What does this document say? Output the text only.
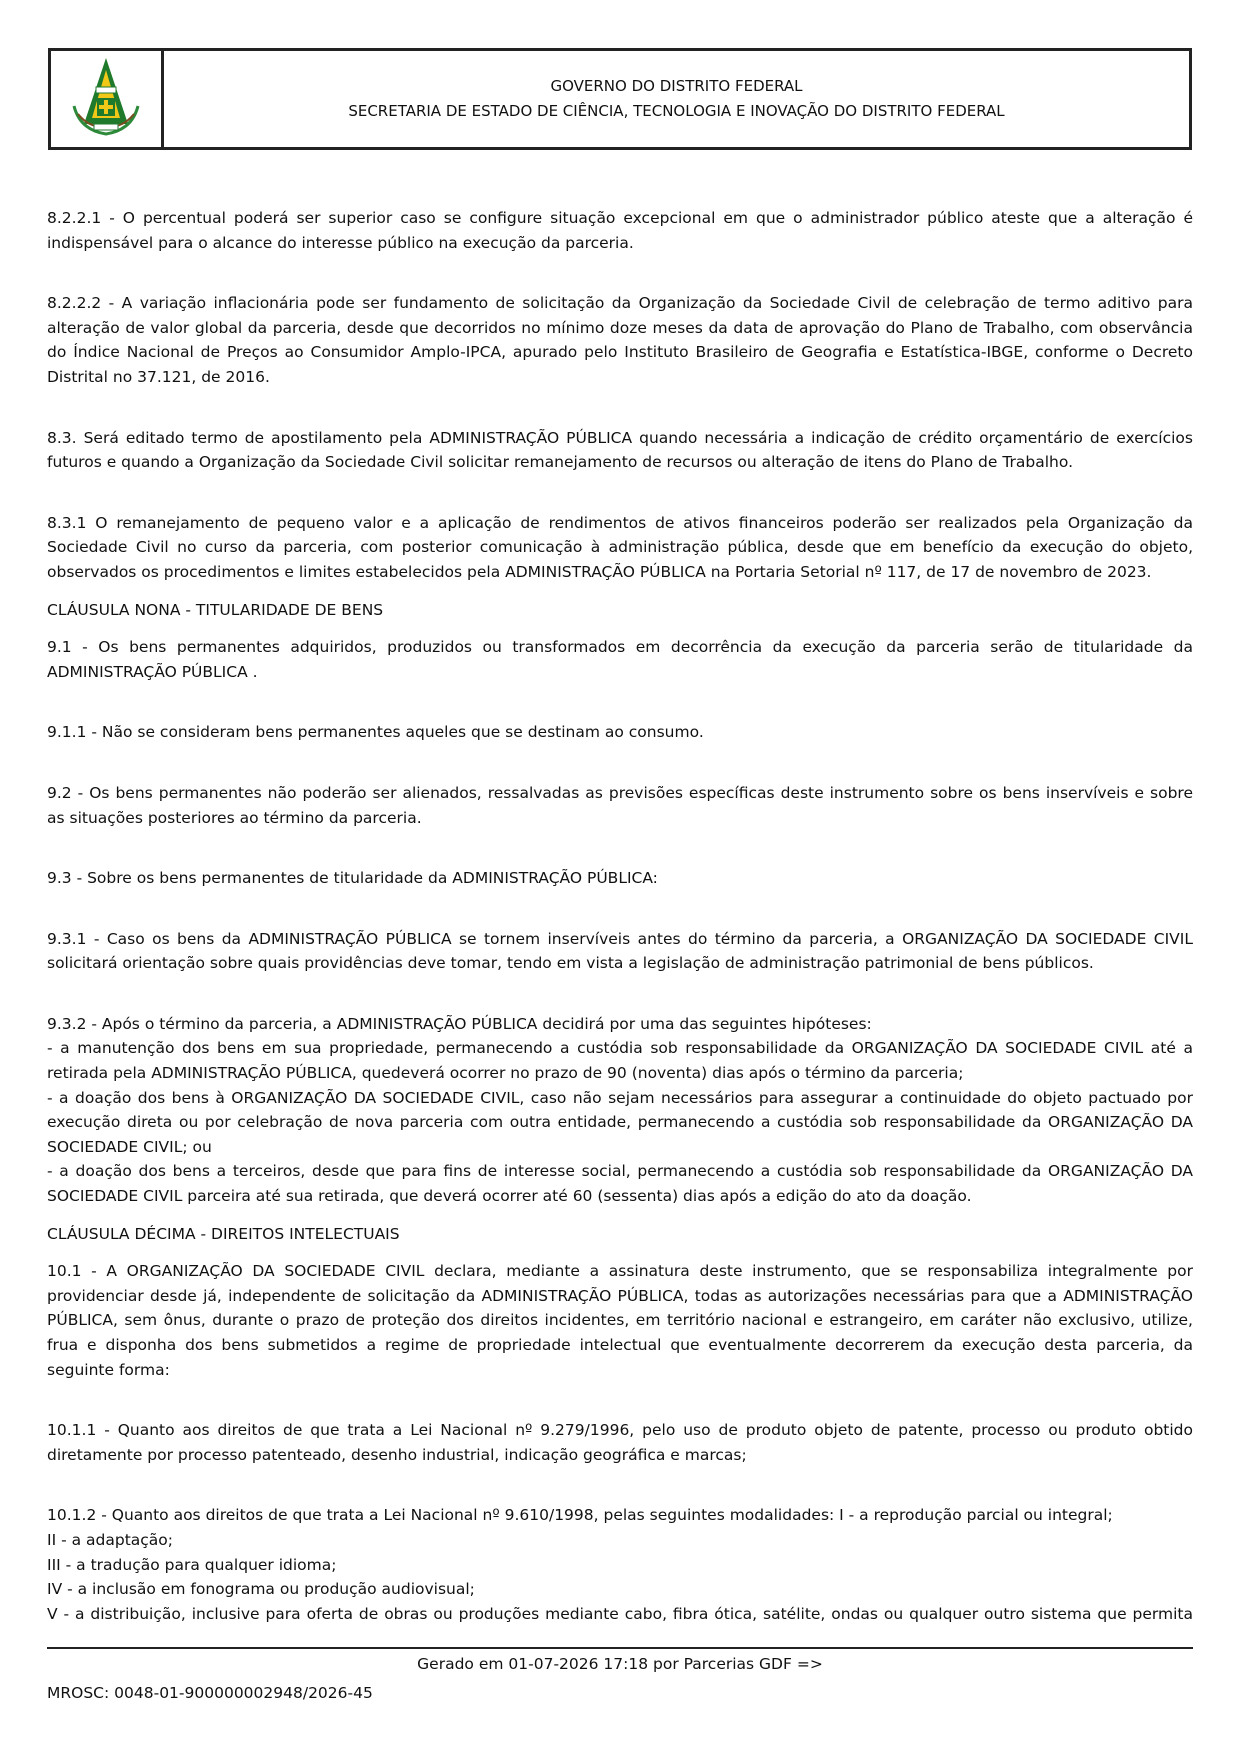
GOVERNO DO DISTRITO FEDERAL
SECRETARIA DE ESTADO DE CIÊNCIA, TECNOLOGIA E INOVAÇÃO DO DISTRITO FEDERAL

8.2.2.1 - O percentual poderá ser superior caso se configure situação excepcional em que o administrador público ateste que a alteração é indispensável para o alcance do interesse público na execução da parceria.

8.2.2.2 - A variação inflacionária pode ser fundamento de solicitação da Organização da Sociedade Civil de celebração de termo aditivo para alteração de valor global da parceria, desde que decorridos no mínimo doze meses da data de aprovação do Plano de Trabalho, com observância do Índice Nacional de Preços ao Consumidor Amplo-IPCA, apurado pelo Instituto Brasileiro de Geografia e Estatística-IBGE, conforme o Decreto Distrital no 37.121, de 2016.

8.3. Será editado termo de apostilamento pela ADMINISTRAÇÃO PÚBLICA quando necessária a indicação de crédito orçamentário de exercícios futuros e quando a Organização da Sociedade Civil solicitar remanejamento de recursos ou alteração de itens do Plano de Trabalho.

8.3.1 O remanejamento de pequeno valor e a aplicação de rendimentos de ativos financeiros poderão ser realizados pela Organização da Sociedade Civil no curso da parceria, com posterior comunicação à administração pública, desde que em benefício da execução do objeto, observados os procedimentos e limites estabelecidos pela ADMINISTRAÇÃO PÚBLICA na Portaria Setorial nº 117, de 17 de novembro de 2023.

CLÁUSULA NONA - TITULARIDADE DE BENS

9.1 - Os bens permanentes adquiridos, produzidos ou transformados em decorrência da execução da parceria serão de titularidade da ADMINISTRAÇÃO PÚBLICA .

9.1.1 - Não se consideram bens permanentes aqueles que se destinam ao consumo.

9.2 - Os bens permanentes não poderão ser alienados, ressalvadas as previsões específicas deste instrumento sobre os bens inservíveis e sobre as situações posteriores ao término da parceria.

9.3 - Sobre os bens permanentes de titularidade da ADMINISTRAÇÃO PÚBLICA:

9.3.1 - Caso os bens da ADMINISTRAÇÃO PÚBLICA se tornem inservíveis antes do término da parceria, a ORGANIZAÇÃO DA SOCIEDADE CIVIL solicitará orientação sobre quais providências deve tomar, tendo em vista a legislação de administração patrimonial de bens públicos.

9.3.2 - Após o término da parceria, a ADMINISTRAÇÃO PÚBLICA decidirá por uma das seguintes hipóteses:

- a manutenção dos bens em sua propriedade, permanecendo a custódia sob responsabilidade da ORGANIZAÇÃO DA SOCIEDADE CIVIL até a retirada pela ADMINISTRAÇÃO PÚBLICA, quedeverá ocorrer no prazo de 90 (noventa) dias após o término da parceria;

- a doação dos bens à ORGANIZAÇÃO DA SOCIEDADE CIVIL, caso não sejam necessários para assegurar a continuidade do objeto pactuado por execução direta ou por celebração de nova parceria com outra entidade, permanecendo a custódia sob responsabilidade da ORGANIZAÇÃO DA SOCIEDADE CIVIL; ou

- a doação dos bens a terceiros, desde que para fins de interesse social, permanecendo a custódia sob responsabilidade da ORGANIZAÇÃO DA SOCIEDADE CIVIL parceira até sua retirada, que deverá ocorrer até 60 (sessenta) dias após a edição do ato da doação.

CLÁUSULA DÉCIMA - DIREITOS INTELECTUAIS

10.1 - A ORGANIZAÇÃO DA SOCIEDADE CIVIL declara, mediante a assinatura deste instrumento, que se responsabiliza integralmente por providenciar desde já, independente de solicitação da ADMINISTRAÇÃO PÚBLICA, todas as autorizações necessárias para que a ADMINISTRAÇÃO PÚBLICA, sem ônus, durante o prazo de proteção dos direitos incidentes, em território nacional e estrangeiro, em caráter não exclusivo, utilize, frua e disponha dos bens submetidos a regime de propriedade intelectual que eventualmente decorrerem da execução desta parceria, da seguinte forma:

10.1.1 - Quanto aos direitos de que trata a Lei Nacional nº 9.279/1996, pelo uso de produto objeto de patente, processo ou produto obtido diretamente por processo patenteado, desenho industrial, indicação geográfica e marcas;

10.1.2 - Quanto aos direitos de que trata a Lei Nacional nº 9.610/1998, pelas seguintes modalidades: I - a reprodução parcial ou integral;

II - a adaptação;

III - a tradução para qualquer idioma;

IV - a inclusão em fonograma ou produção audiovisual;

V - a distribuição, inclusive para oferta de obras ou produções mediante cabo, fibra ótica, satélite, ondas ou qualquer outro sistema que permita

Gerado em 01-07-2026 17:18 por Parcerias GDF =>
MROSC: 0048-01-900000002948/2026-45
